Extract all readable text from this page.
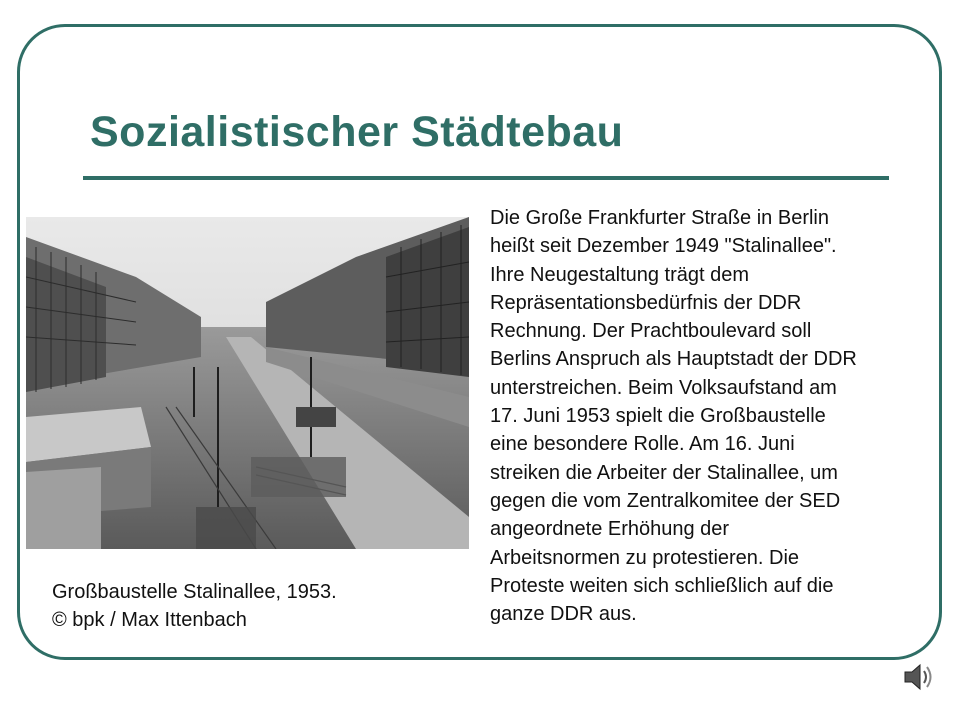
Sozialistischer Städtebau
Großbaustelle Stalinallee, 1953.
© bpk / Max Ittenbach
Die Große Frankfurter Straße in Berlin
heißt seit Dezember 1949 "Stalinallee".
Ihre Neugestaltung trägt dem
Repräsentationsbedürfnis der DDR
Rechnung. Der Prachtboulevard soll
Berlins Anspruch als Hauptstadt der DDR
unterstreichen. Beim Volksaufstand am
17. Juni 1953 spielt die Großbaustelle
eine besondere Rolle. Am 16. Juni
streiken die Arbeiter der Stalinallee, um
gegen die vom Zentralkomitee der SED
angeordnete Erhöhung der
Arbeitsnormen zu protestieren. Die
Proteste weiten sich schließlich auf die
ganze DDR aus.
